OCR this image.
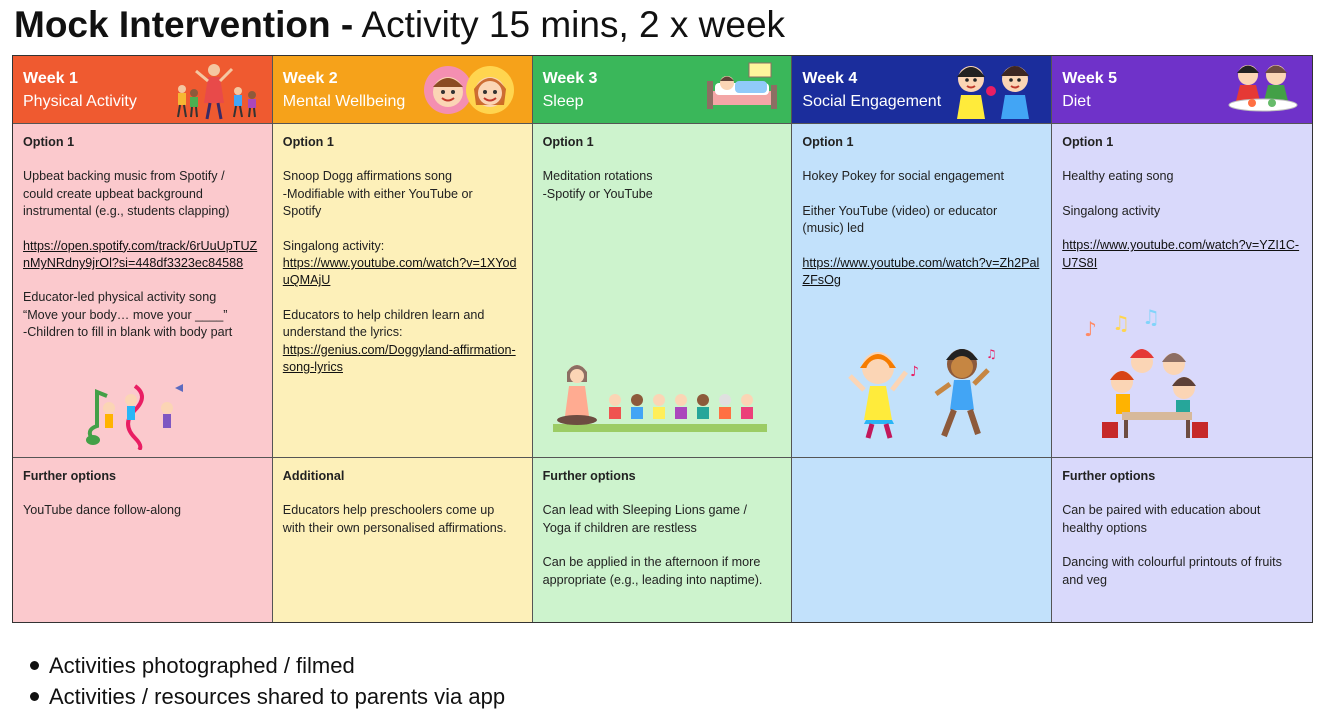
Mock Intervention - Activity 15 mins, 2 x week
Week 1
Physical Activity
Week 2
Mental Wellbeing
Week 3
Sleep
Week 4
Social Engagement
Week 5
Diet
Option 1

Upbeat backing music from Spotify /
could create upbeat background
instrumental (e.g., students clapping)

https://open.spotify.com/track/6rUuUpTUZnMyNRdny9jrOl?si=448df3323ec84588

Educator-led physical activity song
“Move your body… move your ____”
-Children to fill in blank with body part

Option 1

Snoop Dogg affirmations song
-Modifiable with either YouTube or
Spotify

Singalong activity:

https://www.youtube.com/watch?v=1XYoduQMAjU

Educators to help children learn and
understand the lyrics:

https://genius.com/Doggyland-affirmation-song-lyrics

Option 1

Meditation rotations
-Spotify or YouTube

Option 1

Hokey Pokey for social engagement

Either YouTube (video) or educator
(music) led

https://www.youtube.com/watch?v=Zh2PalZFsOg

♪
♫
Option 1

Healthy eating song

Singalong activity

https://www.youtube.com/watch?v=YZI1C-U7S8I

♪ ♫ ♫
Further options

YouTube dance follow-along

Additional

Educators help preschoolers come up
with their own personalised affirmations.

Further options

Can lead with Sleeping Lions game /
Yoga if children are restless

Can be applied in the afternoon if more
appropriate (e.g., leading into naptime).

Further options

Can be paired with education about
healthy options

Dancing with colourful printouts of fruits
and veg

Activities photographed / filmed
Activities / resources shared to parents via app
